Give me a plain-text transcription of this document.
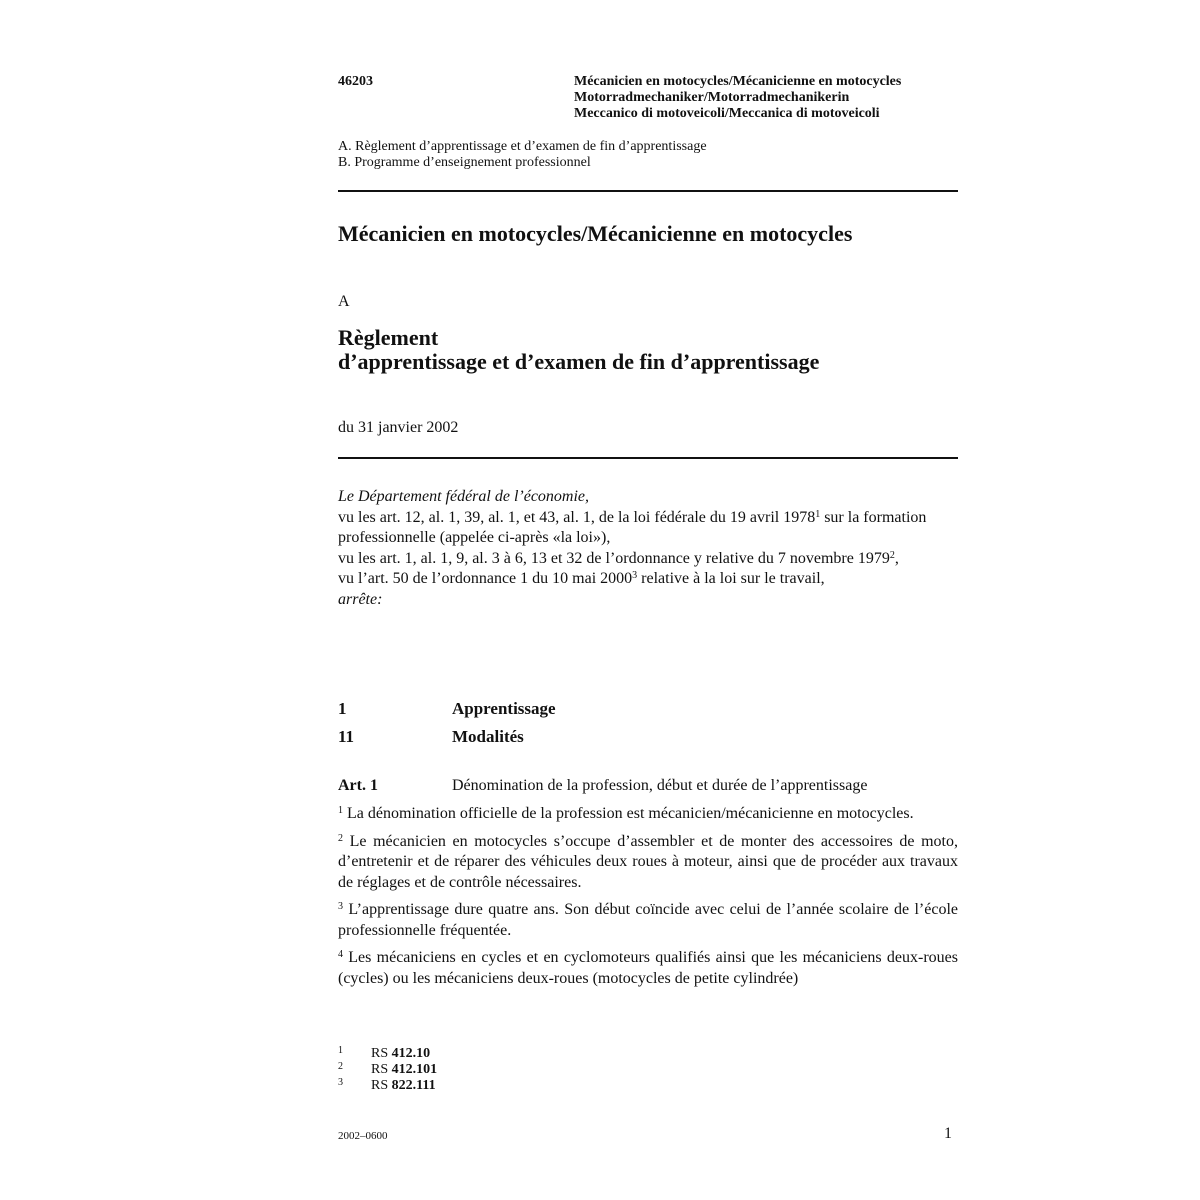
46203	Mécanicien en motocycles/Mécanicienne en motocycles
Motorradmechaniker/Motorradmechanikerin
Meccanico di motoveicoli/Meccanica di motoveicoli
A. Règlement d’apprentissage et d’examen de fin d’apprentissage
B. Programme d’enseignement professionnel
Mécanicien en motocycles/Mécanicienne en motocycles
A
Règlement
d’apprentissage et d’examen de fin d’apprentissage
du 31 janvier 2002

Le Département fédéral de l’économie,

vu les art. 12, al. 1, 39, al. 1, et 43, al. 1, de la loi fédérale du 19 avril 1978$^1$ sur la formation professionnelle (appelée ci-après «la loi»),

vu les art. 1, al. 1, 9, al. 3 à 6, 13 et 32 de l’ordonnance y relative du 7 novembre 1979$^2$,

vu l’art. 50 de l’ordonnance 1 du 10 mai 2000$^3$ relative à la loi sur le travail,

arrête:

1	Apprentissage
11	Modalités
Art. 1	Dénomination de la profession, début et durée de l’apprentissage

$^1$ La dénomination officielle de la profession est mécanicien/mécanicienne en motocycles.

$^2$ Le mécanicien en motocycles s’occupe d’assembler et de monter des accessoires de moto, d’entretenir et de réparer des véhicules deux roues à moteur, ainsi que de procéder aux travaux de réglages et de contrôle nécessaires.

$^3$ L’apprentissage dure quatre ans. Son début coïncide avec celui de l’année scolaire de l’école professionnelle fréquentée.

$^4$ Les mécaniciens en cycles et en cyclomoteurs qualifiés ainsi que les mécaniciens deux-roues (cycles) ou les mécaniciens deux-roues (motocycles de petite cylindrée)

1 RS 412.10
2 RS 412.101
3 RS 822.111
2002–0600	1
